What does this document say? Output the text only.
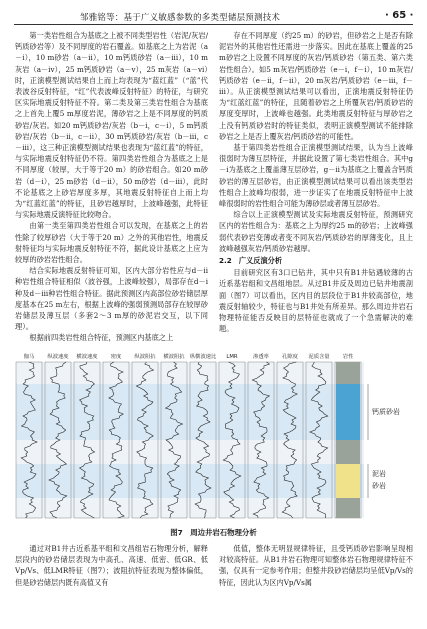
邹雅铭等：基于广义敏感参数的多类型储层预测技术	· 65 ·

第一类岩性组合为基底之上被不同类型岩性（岩泥/灰岩/钙质砂岩等）及不同厚度的岩石覆盖。如基底之上为岩泥（a－i），10 m砂岩（a－ii），10 m钙质砂岩（a－iii），10 m灰岩（a－iv），25 m钙质砂岩（a－v），25 m灰岩（a－vi）时，正演模型测试结果自上而上均表现为“蓝红蓝”（“蓝”代表波谷反射特征，“红”代表波峰反射特征）的特征，与研究区实际地震反射特征不符。第二类及第三类岩性组合为基底之上首先上覆5 m厚度岩泥，薄砂岩之上是不同厚度的钙质砂岩/灰岩。如20 m钙质砂岩/灰岩（b－i，c－i），5 m钙质砂岩/灰岩（b－ii，c－ii），30 m钙质砂岩/灰岩（b－iii，c－iii），这三种正演模型测试结果也表现为“蓝红蓝”的特征，与实际地震反射特征仍不符。第四类岩性组合为基底之上是不同厚度（较厚，大于等于20 m）的砂岩组合。如20 m砂岩（d－i），25 m砂岩（d－ii），50 m砂岩（d－iii），此时不论基底之上砂岩厚度多厚，其地震反射特征自上而上均为“红蓝红蓝”的特征，且砂岩越厚时，上波峰越强，此特征与实际地震反演特征比较吻合。

由第一类至第四类岩性组合可以发现，在基底之上的岩性除了较厚砂岩（大于等于20 m）之外的其他岩性，地震反射特征均与实际地震反射特征不符，据此设计基底之上应为较厚的砂岩岩性组合。

结合实际地震反射特征可知，区内大部分岩性应与d－ii种岩性组合特征相似（波谷强，上波峰较强），局部存在d－i种及d－iii种岩性组合特征。据此预测区内高部位砂岩储层厚度基本在25 m左右，根据上波峰的强弱预测局部存在较厚砂岩储层及薄互层（多套2～3 m厚的砂泥岩交互，以下同理）。

根据前四类岩性组合特征，预测区内基底之上

存在不同厚度（约25 m）的砂岩，但砂岩之上是否有除泥岩外的其他岩性还需进一步落实。因此在基底上覆盖的25 m砂岩之上设置不同厚度的灰岩/钙质砂岩（第五类、第六类岩性组合）。如5 m灰岩/钙质砂岩（e－i，f－i），10 m灰岩/钙质砂岩（e－ii，f－ii），20 m灰岩/钙质砂岩（e－iii，f－iii）。从正演模型测试结果可以看出，正演地震反射特征仍为“红蓝红蓝”的特征，且随着砂岩之上所覆灰岩/钙质砂岩的厚度变厚时，上波峰也越强。此类地震反射特征与厚砂岩之上没有钙质砂岩时的特征类似，表明正演模型测试不能排除砂岩之上是否上覆灰岩/钙质砂岩的可能性。

基于第四类岩性组合正演模型测试结果，认为当上波峰很弱时为薄互层特征，并据此设置了第七类岩性组合。其中g－i为基底之上覆盖薄互层砂岩，g－ii为基底之上覆盖含钙质砂岩的薄互层砂岩，由正演模型测试结果可以看出该类型岩性组合上波峰均很弱，进一步证实了在地震反射特征中上波峰很弱时的岩性组合可能为薄砂层或者薄互层砂岩。

综合以上正演模型测试及实际地震反射特征，预测研究区内的岩性组合为：基底之上为厚约25 m的砂岩；上波峰强弱代表砂岩变薄或者变不同灰岩/钙质砂岩的厚薄变化，且上波峰越强灰岩/钙质砂岩越厚。

2.2　广义反演分析

目前研究区有3口已钻井，其中只有B1井钻遇较薄的古近系基岩组和文昌组地层。从过B1井反及周边已钻井地震剖面（图7）可以看出，区内目的层段位于B1井较高部位，地震反射轴较少，特征也与B1井处有所差异。那么周边井岩石物理特征能否反映目的层特征也就成了一个急需解决的难题。

伽马 纵波速度 横波速度 密度 纵波阻抗 横波阻抗 纵横波速比 LMR	渗透率 孔隙度 泥质含量 岩性
钙质砂岩
泥岩
砂岩
图7　周边井岩石物理分析

通过对B1井古近系基平组和文昌组岩石物理分析，解释层段内的砂岩储层表现为中高孔、高速、低密、低GR、低Vp/Vs、低LMR特征（图7）；波阻抗特征表现为整体偏低，但是砂岩储层内既有高值又有

低值，整体无明显规律特征，且受钙质砂岩影响呈现相对较高特征。从B1井岩石物理可知整体岩石物理规律特征不强，仅具有一定参考作用；但整井段砂岩储层均呈低Vp/Vs的特征，因此认为区内Vp/Vs属
